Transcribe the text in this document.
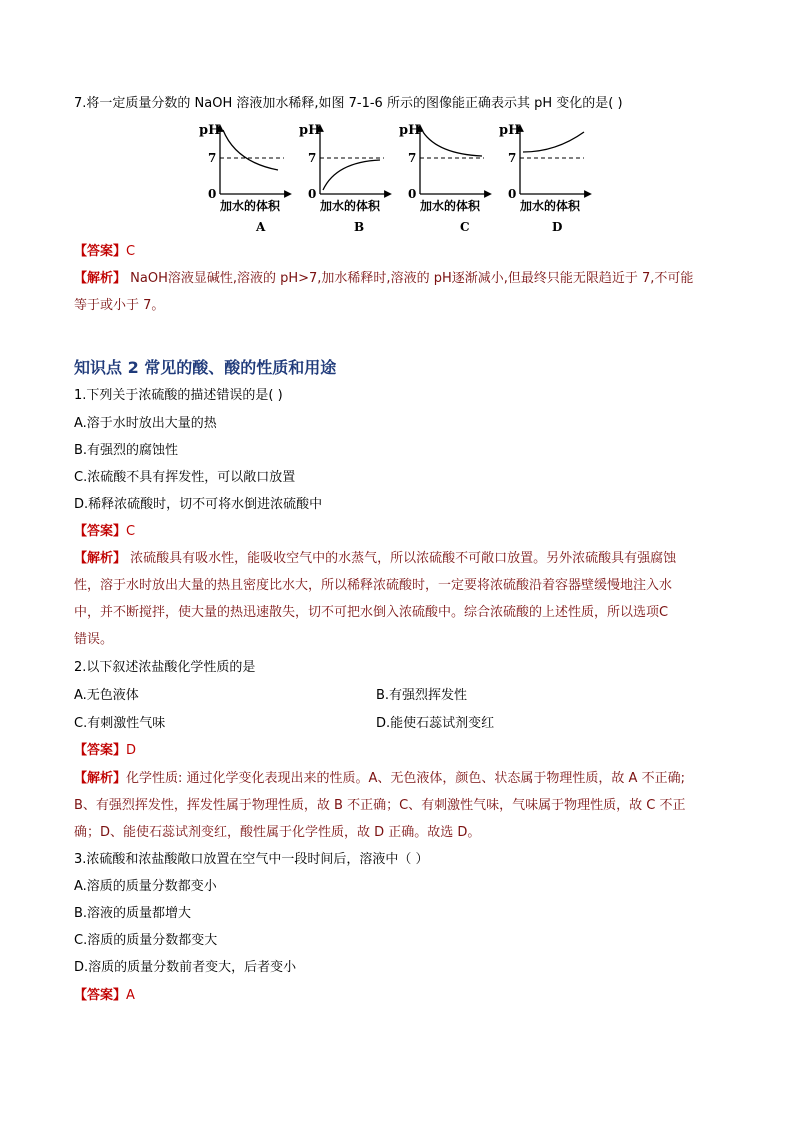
7.将一定质量分数的 NaOH 溶液加水稀释,如图 7-1-6 所示的图像能正确表示其 pH 变化的是( )
pH
7
0
加水的体积
A
pH
7
0
加水的体积
B
pH
7
0
加水的体积
C
pH
7
0
加水的体积
D
【答案】C
【解析】 NaOH溶液显碱性,溶液的 pH>7,加水稀释时,溶液的 pH逐渐减小,但最终只能无限趋近于 7,不可能
等于或小于 7。
知识点 2 常见的酸、酸的性质和用途
1.下列关于浓硫酸的描述错误的是( )
A.溶于水时放出大量的热
B.有强烈的腐蚀性
C.浓硫酸不具有挥发性，可以敞口放置
D.稀释浓硫酸时，切不可将水倒进浓硫酸中
【答案】C
【解析】 浓硫酸具有吸水性，能吸收空气中的水蒸气，所以浓硫酸不可敞口放置。另外浓硫酸具有强腐蚀
性，溶于水时放出大量的热且密度比水大，所以稀释浓硫酸时，一定要将浓硫酸沿着容器壁缓慢地注入水
中，并不断搅拌，使大量的热迅速散失，切不可把水倒入浓硫酸中。综合浓硫酸的上述性质，所以选项C
错误。
2.以下叙述浓盐酸化学性质的是
A.无色液体	B.有强烈挥发性
C.有刺激性气味	D.能使石蕊试剂变红
【答案】D
【解析】化学性质: 通过化学变化表现出来的性质。A、无色液体，颜色、状态属于物理性质，故 A 不正确;
B、有强烈挥发性，挥发性属于物理性质，故 B 不正确；C、有刺激性气味，气味属于物理性质，故 C 不正
确；D、能使石蕊试剂变红，酸性属于化学性质，故 D 正确。故选 D。
3.浓硫酸和浓盐酸敞口放置在空气中一段时间后，溶液中（ ）
A.溶质的质量分数都变小
B.溶液的质量都增大
C.溶质的质量分数都变大
D.溶质的质量分数前者变大，后者变小
【答案】A
